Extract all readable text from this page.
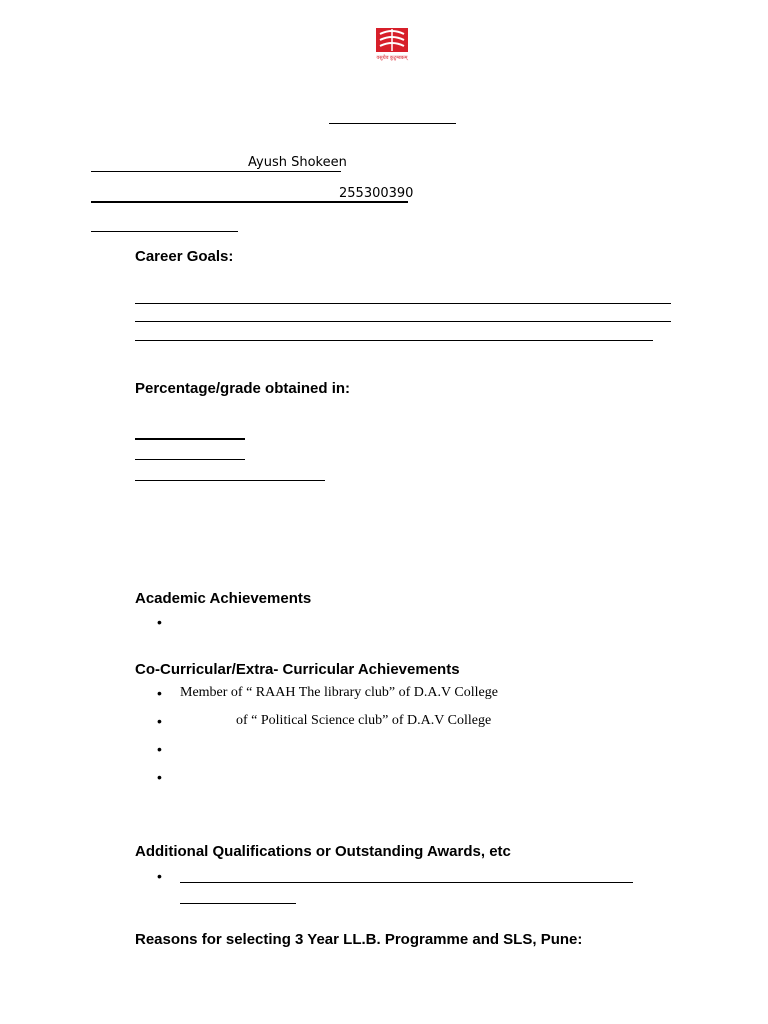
वसुधैव कुटुम्बकम्
Ayush Shokeen
255300390
Career Goals:
Percentage/grade obtained in:
Academic Achievements
•
Co-Curricular/Extra- Curricular Achievements
• Member of “ RAAH The library club” of D.A.V College
•	of “ Political Science club” of D.A.V College
•
•
Additional Qualifications or Outstanding Awards, etc
•
Reasons for selecting 3 Year LL.B. Programme and SLS, Pune:
